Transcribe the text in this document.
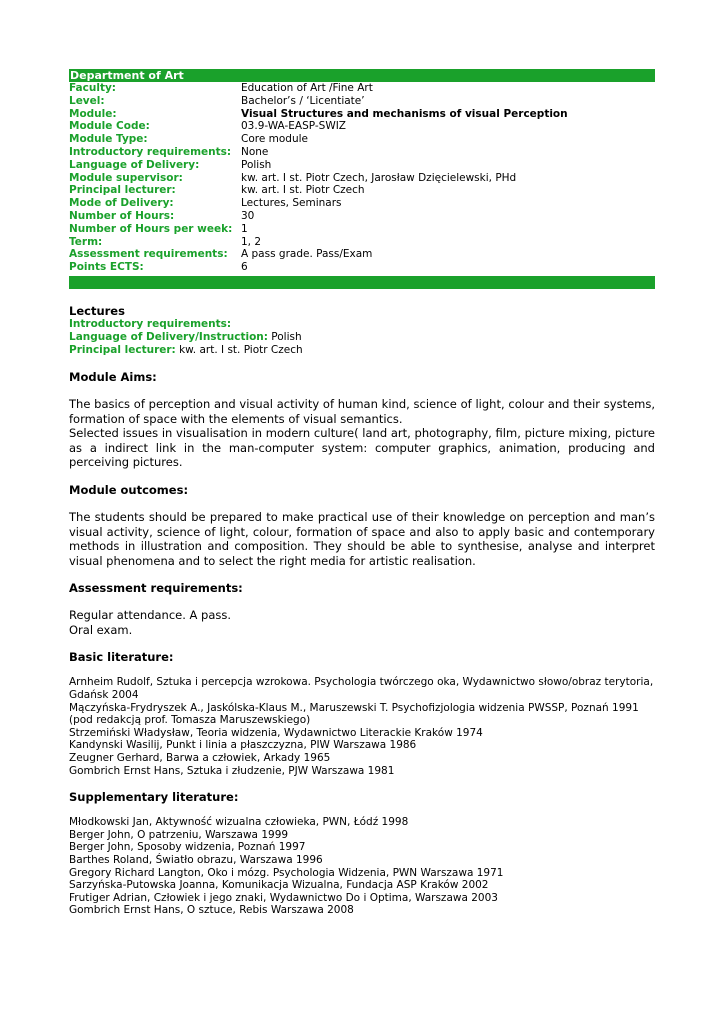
Department of Art
Faculty:	Education of Art /Fine Art
Level:	Bachelor’s / ‘Licentiate’
Module:	Visual Structures and mechanisms of visual Perception
Module Code:	03.9-WA-EASP-SWIZ
Module Type:	Core module
Introductory requirements:	None
Language of Delivery:	Polish
Module supervisor:	kw. art. I st. Piotr Czech, Jarosław Dzięcielewski, PHd
Principal lecturer:	kw. art. I st. Piotr Czech
Mode of Delivery:	Lectures, Seminars
Number of Hours:	30
Number of Hours per week:	1
Term:	1, 2
Assessment requirements:	A pass grade. Pass/Exam
Points ECTS:	6
Lectures
Introductory requirements:
Language of Delivery/Instruction: Polish
Principal lecturer: kw. art. I st. Piotr Czech
Module Aims:

The basics of perception and visual activity of human kind, science of light, colour and their systems, formation of space with the elements of visual semantics.

Selected issues in visualisation in modern culture( land art, photography, film, picture mixing, picture as a indirect link in the man-computer system: computer graphics, animation, producing and perceiving pictures.

Module outcomes:

The students should be prepared to make practical use of their knowledge on perception and man’s visual activity, science of light, colour, formation of space and also to apply basic and contemporary methods in illustration and composition. They should be able to synthesise, analyse and interpret visual phenomena and to select the right media for artistic realisation.

Assessment requirements:

Regular attendance. A pass.

Oral exam.

Basic literature:

Arnheim Rudolf, Sztuka i percepcja wzrokowa. Psychologia twórczego oka, Wydawnictwo słowo/obraz terytoria, Gdańsk 2004

Mączyńska-Frydryszek A., Jaskólska-Klaus M., Maruszewski T. Psychofizjologia widzenia PWSSP, Poznań 1991 (pod redakcją prof. Tomasza Maruszewskiego)

Strzemiński Władysław, Teoria widzenia, Wydawnictwo Literackie Kraków 1974

Kandynski Wasilij, Punkt i linia a płaszczyzna, PIW Warszawa 1986

Zeugner Gerhard, Barwa a człowiek, Arkady 1965

Gombrich Ernst Hans, Sztuka i złudzenie, PJW Warszawa 1981

Supplementary literature:

Młodkowski Jan, Aktywność wizualna człowieka, PWN, Łódź 1998

Berger John, O patrzeniu, Warszawa 1999

Berger John, Sposoby widzenia, Poznań 1997

Barthes Roland, Światło obrazu, Warszawa 1996

Gregory Richard Langton, Oko i mózg. Psychologia Widzenia, PWN Warszawa 1971

Sarzyńska-Putowska Joanna, Komunikacja Wizualna, Fundacja ASP Kraków 2002

Frutiger Adrian, Człowiek i jego znaki, Wydawnictwo Do i Optima, Warszawa 2003

Gombrich Ernst Hans, O sztuce, Rebis Warszawa 2008
